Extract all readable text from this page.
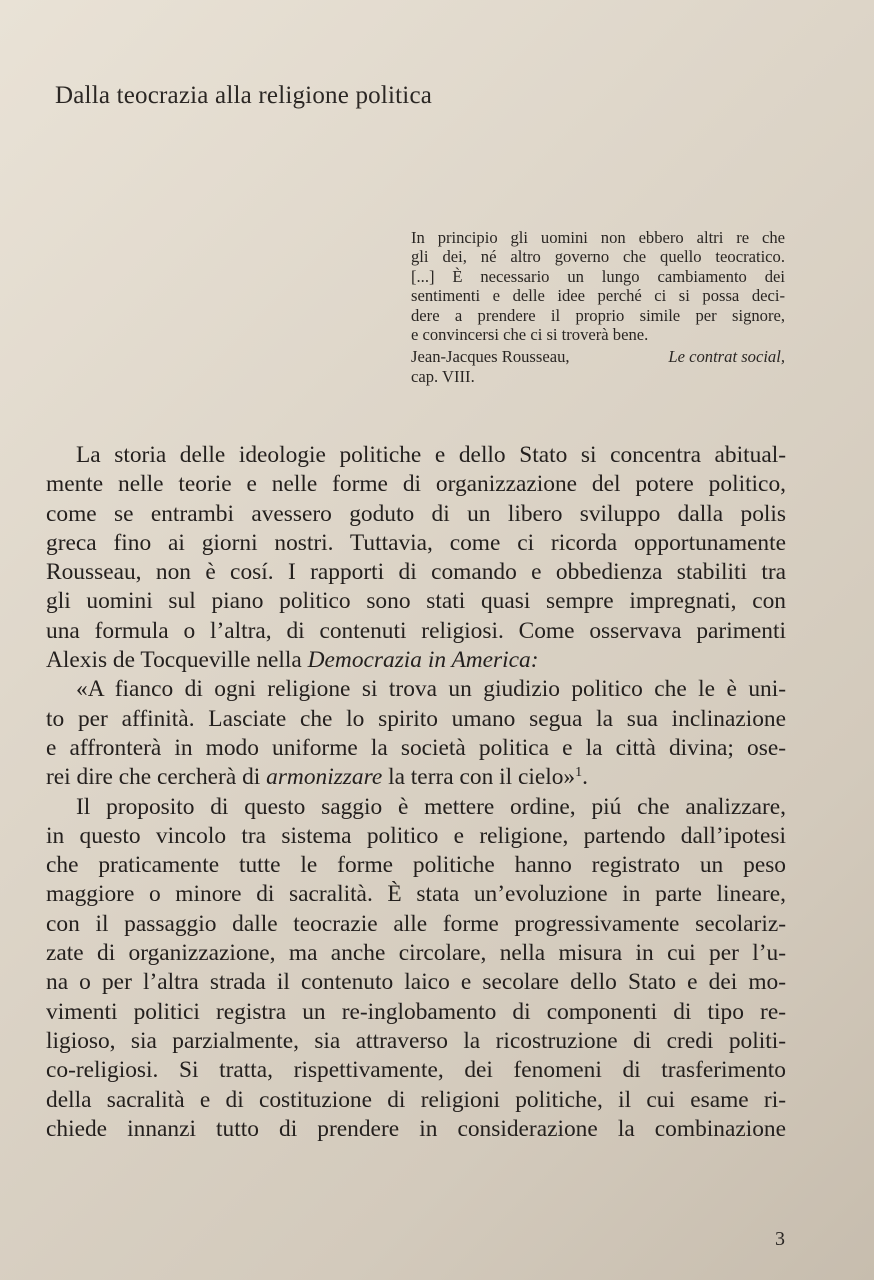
Dalla teocrazia alla religione politica
In principio gli uomini non ebbero altri re che
gli dei, né altro governo che quello teocratico.
[...] È necessario un lungo cambiamento dei
sentimenti e delle idee perché ci si possa deci-
dere a prendere il proprio simile per signore,
e convincersi che ci si troverà bene.
Jean-Jacques Rousseau,	Le contrat social,
cap. VIII.
La storia delle ideologie politiche e dello Stato si concentra abitual-
mente nelle teorie e nelle forme di organizzazione del potere politico,
come se entrambi avessero goduto di un libero sviluppo dalla polis
greca fino ai giorni nostri. Tuttavia, come ci ricorda opportunamente
Rousseau, non è cosí. I rapporti di comando e obbedienza stabiliti tra
gli uomini sul piano politico sono stati quasi sempre impregnati, con
una formula o l’altra, di contenuti religiosi. Come osservava parimenti
Alexis de Tocqueville nella Democrazia in America:
«A fianco di ogni religione si trova un giudizio politico che le è uni-
to per affinità. Lasciate che lo spirito umano segua la sua inclinazione
e affronterà in modo uniforme la società politica e la città divina; ose-
rei dire che cercherà di armonizzare la terra con il cielo»$^1$.
Il proposito di questo saggio è mettere ordine, piú che analizzare,
in questo vincolo tra sistema politico e religione, partendo dall’ipotesi
che praticamente tutte le forme politiche hanno registrato un peso
maggiore o minore di sacralità. È stata un’evoluzione in parte lineare,
con il passaggio dalle teocrazie alle forme progressivamente secolariz-
zate di organizzazione, ma anche circolare, nella misura in cui per l’u-
na o per l’altra strada il contenuto laico e secolare dello Stato e dei mo-
vimenti politici registra un re-inglobamento di componenti di tipo re-
ligioso, sia parzialmente, sia attraverso la ricostruzione di credi politi-
co-religiosi. Si tratta, rispettivamente, dei fenomeni di trasferimento
della sacralità e di costituzione di religioni politiche, il cui esame ri-
chiede innanzi tutto di prendere in considerazione la combinazione
3
